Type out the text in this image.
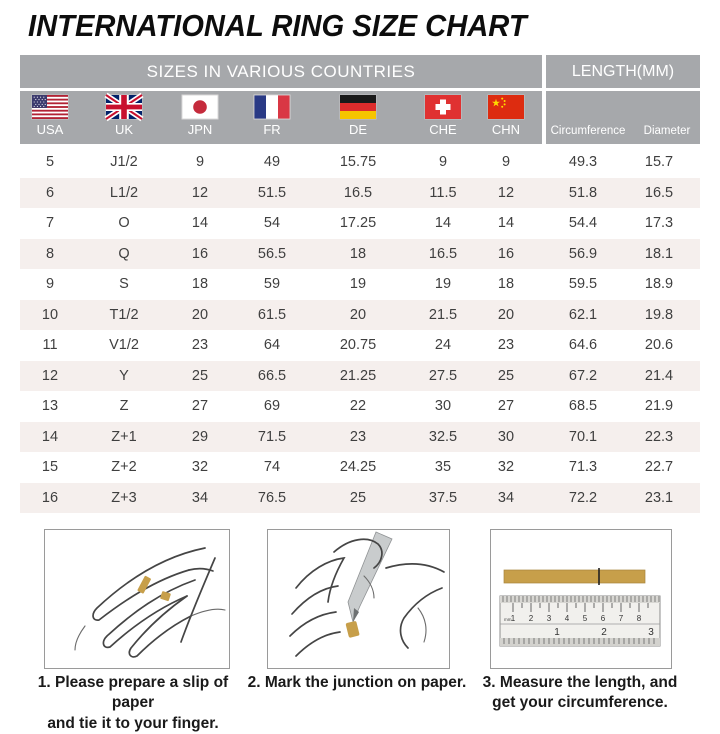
INTERNATIONAL RING SIZE CHART
SIZES IN VARIOUS COUNTRIES	LENGTH(MM)
USA	UK	JPN	FR	DE	CHE	CHN	Circumference Diameter
5	J1/2	9	49	15.75	9	9	49.3	15.7
6	L1/2	12	51.5	16.5	11.5	12	51.8	16.5
7	O	14	54	17.25	14	14	54.4	17.3
8	Q	16	56.5	18	16.5	16	56.9	18.1
9	S	18	59	19	19	18	59.5	18.9
10	T1/2	20	61.5	20	21.5	20	62.1	19.8
11	V1/2	23	64	20.75	24	23	64.6	20.6
12	Y	25	66.5	21.25	27.5	25	67.2	21.4
13	Z	27	69	22	30	27	68.5	21.9
14	Z+1	29	71.5	23	32.5	30	70.1	22.3
15	Z+2	32	74	24.25	35	32	71.3	22.7
16	Z+3	34	76.5	25	37.5	34	72.2	23.1
1 2 3 4 5 6 7 8
mm
1	2	3
1. Please prepare a slip of paper
and tie it to your finger.
2. Mark the junction on paper.	3. Measure the length, and
get your circumference.
